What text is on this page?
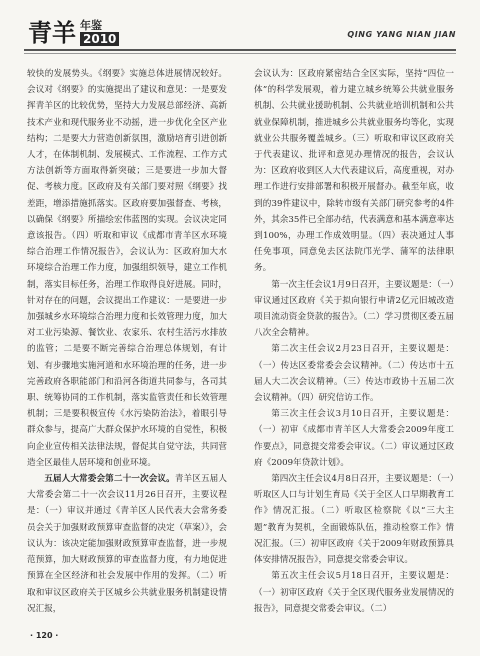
青羊 年鉴
2010	QING YANG NIAN JIAN

较快的发展势头。《纲要》实施总体进展情况较好。会议对《纲要》的实施提出了建议和意见：一是要发挥青羊区的比较优势，坚持大力发展总部经济、高新技术产业和现代服务业不动摇，进一步优化全区产业结构；二是要大力营造创新氛围，激励培育引进创新人才，在体制机制、发展模式、工作流程、工作方式方法创新等方面取得新突破；三是要进一步加大督促、考核力度。区政府及有关部门要对照《纲要》找差距，增添措施抓落实。区政府要加强督查、考核，以确保《纲要》所描绘宏伟蓝图的实现。会议决定同意该报告。（四）听取和审议《成都市青羊区水环境综合治理工作情况报告》，会议认为：区政府加大水环境综合治理工作力度，加强组织领导，建立工作机制，落实目标任务，治理工作取得良好进展。同时，针对存在的问题，会议提出工作建议：一是要进一步加强城乡水环境综合治理力度和长效管理力度，加大对工业污染源、餐饮业、农家乐、农村生活污水排放的监管；二是要不断完善综合治理总体规划，有计划、有步骤地实施河道和水环境治理的任务，进一步完善政府各职能部门和沿河各街道共同参与，各司其职、统筹协同的工作机制，落实监管责任和长效管理机制；三是要积极宣传《水污染防治法》，着眼引导群众参与，提高广大群众保护水环境的自觉性，积极向企业宣传相关法律法规，督促其自觉守法，共同营造全区最佳人居环境和创业环境。

五届人大常委会第二十一次会议。青羊区五届人大常委会第二十一次会议11月26日召开，主要议程是：（一）审议并通过《青羊区人民代表大会常务委员会关于加强财政预算审查监督的决定（草案）》，会议认为：该决定能加强财政预算审查监督，进一步规范预算，加大财政预算的审查监督力度，有力地促进预算在全区经济和社会发展中作用的发挥。（二）听取和审议区政府关于区城乡公共就业服务机制建设情况汇报，

会议认为：区政府紧密结合全区实际，坚持“四位一体”的科学发展观，着力建立城乡统筹公共就业服务机制、公共就业援助机制、公共就业培训机制和公共就业保障机制，推进城乡公共就业服务均等化，实现就业公共服务覆盖城乡。（三）听取和审议区政府关于代表建议、批评和意见办理情况的报告，会议认为：区政府收到区人大代表建议后，高度重视，对办理工作进行安排部署和积极开展督办。截至年底，收到的39件建议中，除转市级有关部门研究参考的4件外，其余35件已全部办结，代表满意和基本满意率达到100%，办理工作成效明显。（四）表决通过人事任免事项，同意免去区法院邝光学、蒲军的法律职务。

第一次主任会议1月9日召开，主要议题是：（一）审议通过区政府《关于拟向银行申请2亿元旧城改造项目流动资金贷款的报告》。（二）学习贯彻区委五届八次全会精神。

第二次主任会议2月23日召开，主要议题是：（一）传达区委常委会会议精神。（二）传达市十五届人大二次会议精神。（三）传达市政协十五届二次会议精神。（四）研究信访工作。

第三次主任会议3月10日召开，主要议题是：（一）初审《成都市青羊区人大常委会2009年度工作要点》，同意提交常委会审议。（二）审议通过区政府《2009年贷款计划》。

第四次主任会议4月8日召开，主要议题是：（一）听取区人口与计划生育局《关于全区人口早期教育工作》情况汇报。（二）听取区检察院《以“三大主题”教育为契机，全面锻炼队伍，推动检察工作》情况汇报。（三）初审区政府《关于2009年财政预算具体安排情况报告》，同意提交常委会审议。

第五次主任会议5月18日召开，主要议题是：（一）初审区政府《关于全区现代服务业发展情况的报告》，同意提交常委会审议。（二）

· 120 ·
